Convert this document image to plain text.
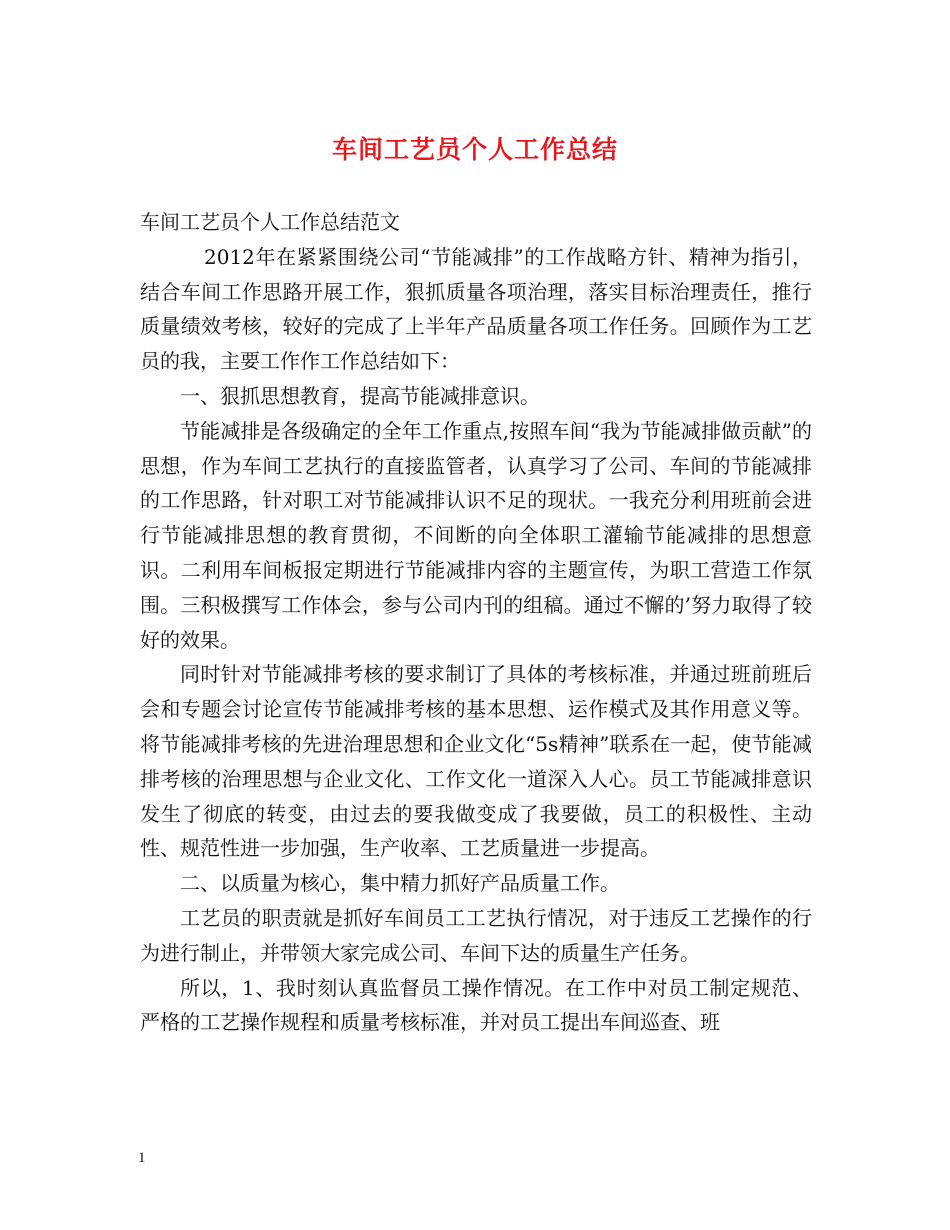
车间工艺员个人工作总结

车间工艺员个人工作总结范文

2012年在紧紧围绕公司“节能减排”的工作战略方针、精神为指引，结合车间工作思路开展工作，狠抓质量各项治理，落实目标治理责任，推行质量绩效考核，较好的完成了上半年产品质量各项工作任务。回顾作为工艺员的我，主要工作作工作总结如下：

一、狠抓思想教育，提高节能减排意识。

节能减排是各级确定的全年工作重点,按照车间“我为节能减排做贡献”的思想，作为车间工艺执行的直接监管者，认真学习了公司、车间的节能减排的工作思路，针对职工对节能减排认识不足的现状。一我充分利用班前会进行节能减排思想的教育贯彻，不间断的向全体职工灌输节能减排的思想意识。二利用车间板报定期进行节能减排内容的主题宣传，为职工营造工作氛围。三积极撰写工作体会，参与公司内刊的组稿。通过不懈的’努力取得了较好的效果。

同时针对节能减排考核的要求制订了具体的考核标准，并通过班前班后会和专题会讨论宣传节能减排考核的基本思想、运作模式及其作用意义等。将节能减排考核的先进治理思想和企业文化“5s精神”联系在一起，使节能减排考核的治理思想与企业文化、工作文化一道深入人心。员工节能减排意识发生了彻底的转变，由过去的要我做变成了我要做，员工的积极性、主动性、规范性进一步加强，生产收率、工艺质量进一步提高。

二、以质量为核心，集中精力抓好产品质量工作。

工艺员的职责就是抓好车间员工工艺执行情况，对于违反工艺操作的行为进行制止，并带领大家完成公司、车间下达的质量生产任务。

所以，1、我时刻认真监督员工操作情况。在工作中对员工制定规范、严格的工艺操作规程和质量考核标准，并对员工提出车间巡查、班

1
